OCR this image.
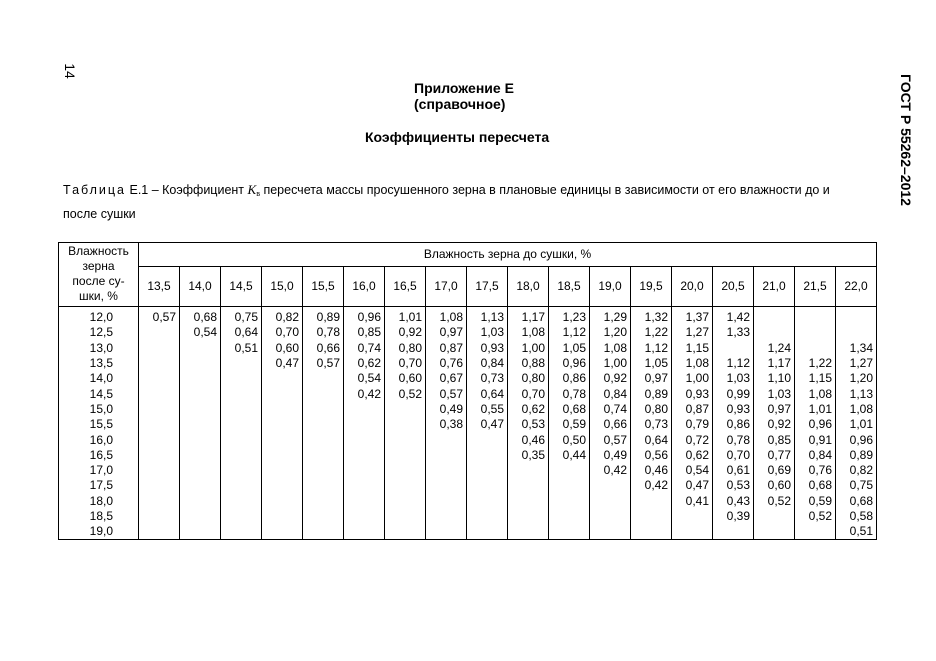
14
ГОСТ Р 55262–2012
Приложение Е
(справочное)
Коэффициенты пересчета
Таблица Е.1 – Коэффициент $K_в$ пересчета массы просушенного зерна в плановые единицы в зависимости от его влажности до и после сушки
Влажность
зерна
после су-
шки, %	Влажность зерна до сушки, %																	
	13,5	14,0	14,5	15,0	15,5	16,0	16,5	17,0	17,5	18,0	18,5	19,0	19,5	20,0	20,5	21,0	21,5	22,0
12,0	0,57	0,68	0,75	0,82	0,89	0,96	1,01	1,08	1,13	1,17	1,23	1,29	1,32	1,37	1,42			
12,5		0,54	0,64	0,70	0,78	0,85	0,92	0,97	1,03	1,08	1,12	1,20	1,22	1,27	1,33			
13,0			0,51	0,60	0,66	0,74	0,80	0,87	0,93	1,00	1,05	1,08	1,12	1,15		1,24		1,34
13,5				0,47	0,57	0,62	0,70	0,76	0,84	0,88	0,96	1,00	1,05	1,08	1,12	1,17	1,22	1,27
14,0						0,54	0,60	0,67	0,73	0,80	0,86	0,92	0,97	1,00	1,03	1,10	1,15	1,20
14,5						0,42	0,52	0,57	0,64	0,70	0,78	0,84	0,89	0,93	0,99	1,03	1,08	1,13
15,0								0,49	0,55	0,62	0,68	0,74	0,80	0,87	0,93	0,97	1,01	1,08
15,5								0,38	0,47	0,53	0,59	0,66	0,73	0,79	0,86	0,92	0,96	1,01
16,0										0,46	0,50	0,57	0,64	0,72	0,78	0,85	0,91	0,96
16,5										0,35	0,44	0,49	0,56	0,62	0,70	0,77	0,84	0,89
17,0												0,42	0,46	0,54	0,61	0,69	0,76	0,82
17,5													0,42	0,47	0,53	0,60	0,68	0,75
18,0														0,41	0,43	0,52	0,59	0,68
18,5															0,39		0,52	0,58
19,0																		0,51
